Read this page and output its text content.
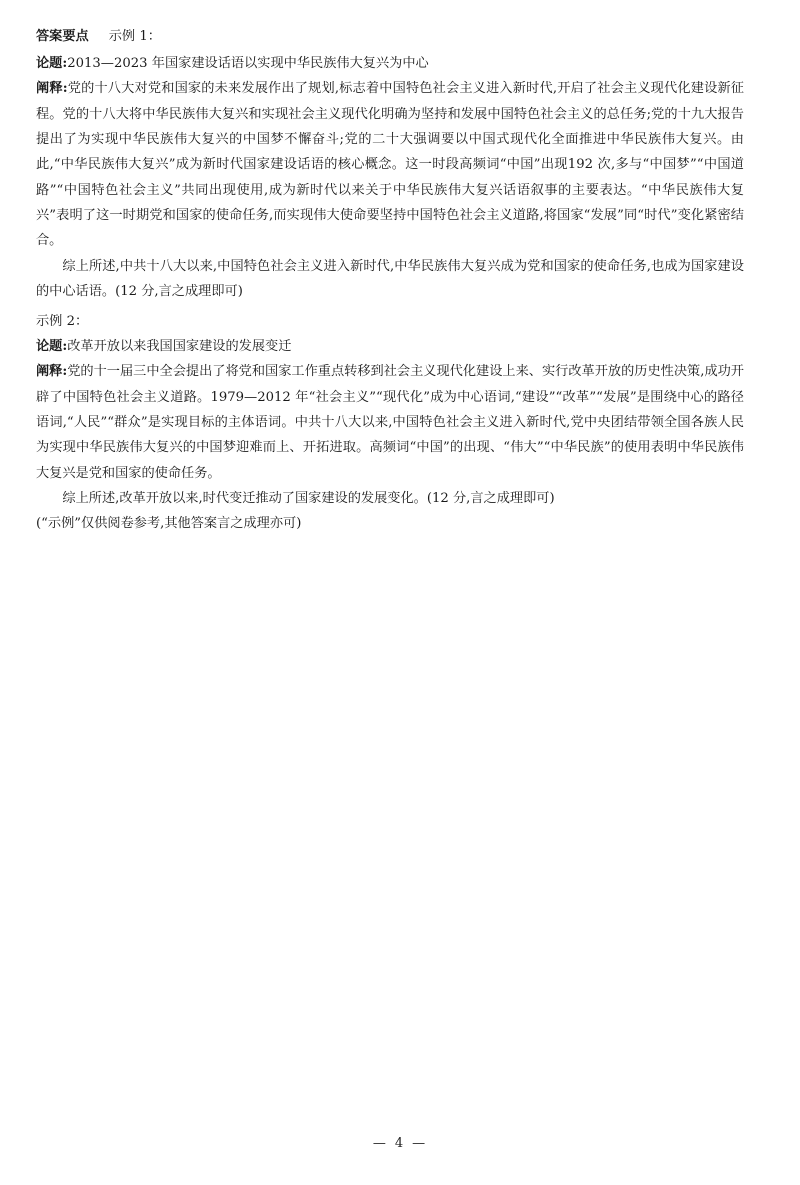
答案要点 示例 1：

论题:2013—2023 年国家建设话语以实现中华民族伟大复兴为中心

阐释:党的十八大对党和国家的未来发展作出了规划,标志着中国特色社会主义进入新时代,开启了社会主义现代化建设新征程。党的十八大将中华民族伟大复兴和实现社会主义现代化明确为坚持和发展中国特色社会主义的总任务;党的十九大报告提出了为实现中华民族伟大复兴的中国梦不懈奋斗;党的二十大强调要以中国式现代化全面推进中华民族伟大复兴。由此,“中华民族伟大复兴”成为新时代国家建设话语的核心概念。这一时段高频词“中国”出现192 次,多与“中国梦”“中国道路”“中国特色社会主义”共同出现使用,成为新时代以来关于中华民族伟大复兴话语叙事的主要表达。“中华民族伟大复兴”表明了这一时期党和国家的使命任务,而实现伟大使命要坚持中国特色社会主义道路,将国家“发展”同“时代”变化紧密结合。

综上所述,中共十八大以来,中国特色社会主义进入新时代,中华民族伟大复兴成为党和国家的使命任务,也成为国家建设的中心话语。(12 分,言之成理即可)

示例 2：

论题:改革开放以来我国国家建设的发展变迁

阐释:党的十一届三中全会提出了将党和国家工作重点转移到社会主义现代化建设上来、实行改革开放的历史性决策,成功开辟了中国特色社会主义道路。1979—2012 年“社会主义”“现代化”成为中心语词,“建设”“改革”“发展”是围绕中心的路径语词,“人民”“群众”是实现目标的主体语词。中共十八大以来,中国特色社会主义进入新时代,党中央团结带领全国各族人民为实现中华民族伟大复兴的中国梦迎难而上、开拓进取。高频词“中国”的出现、“伟大”“中华民族”的使用表明中华民族伟大复兴是党和国家的使命任务。

综上所述,改革开放以来,时代变迁推动了国家建设的发展变化。(12 分,言之成理即可)

(“示例”仅供阅卷参考,其他答案言之成理亦可)

— 4 —
